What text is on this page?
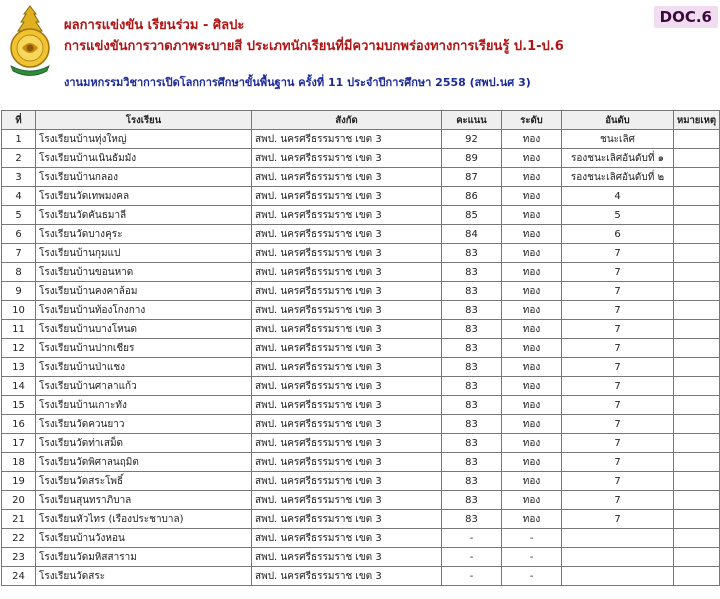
ผลการแข่งขัน เรียนร่วม - ศิลปะ
การแข่งขันการวาดภาพระบายสี ประเภทนักเรียนที่มีความบกพร่องทางการเรียนรู้ ป.1-ป.6
งานมหกรรมวิชาการเปิดโลกการศึกษาขั้นพื้นฐาน ครั้งที่ 11 ประจำปีการศึกษา 2558 (สพป.นศ 3)
DOC.6
ที่	โรงเรียน	สังกัด	คะแนน	ระดับ	อันดับ	หมายเหตุ
1	โรงเรียนบ้านทุ่งใหญ่	สพป. นครศรีธรรมราช เขต 3	92	ทอง	ชนะเลิศ	
2	โรงเรียนบ้านเนินธัมมัง	สพป. นครศรีธรรมราช เขต 3	89	ทอง	รองชนะเลิศอันดับที่ ๑	
3	โรงเรียนบ้านกลอง	สพป. นครศรีธรรมราช เขต 3	87	ทอง	รองชนะเลิศอันดับที่ ๒	
4	โรงเรียนวัดเทพมงคล	สพป. นครศรีธรรมราช เขต 3	86	ทอง	4	
5	โรงเรียนวัดคันธมาลี	สพป. นครศรีธรรมราช เขต 3	85	ทอง	5	
6	โรงเรียนวัดบางคุระ	สพป. นครศรีธรรมราช เขต 3	84	ทอง	6	
7	โรงเรียนบ้านกุมแป	สพป. นครศรีธรรมราช เขต 3	83	ทอง	7	
8	โรงเรียนบ้านขอนหาด	สพป. นครศรีธรรมราช เขต 3	83	ทอง	7	
9	โรงเรียนบ้านคงคาล้อม	สพป. นครศรีธรรมราช เขต 3	83	ทอง	7	
10	โรงเรียนบ้านท้องโกงกาง	สพป. นครศรีธรรมราช เขต 3	83	ทอง	7	
11	โรงเรียนบ้านบางโหนด	สพป. นครศรีธรรมราช เขต 3	83	ทอง	7	
12	โรงเรียนบ้านปากเชียร	สพป. นครศรีธรรมราช เขต 3	83	ทอง	7	
13	โรงเรียนบ้านป่าแชง	สพป. นครศรีธรรมราช เขต 3	83	ทอง	7	
14	โรงเรียนบ้านศาลาแก้ว	สพป. นครศรีธรรมราช เขต 3	83	ทอง	7	
15	โรงเรียนบ้านเกาะทัง	สพป. นครศรีธรรมราช เขต 3	83	ทอง	7	
16	โรงเรียนวัดควนยาว	สพป. นครศรีธรรมราช เขต 3	83	ทอง	7	
17	โรงเรียนวัดท่าเสม็ด	สพป. นครศรีธรรมราช เขต 3	83	ทอง	7	
18	โรงเรียนวัดพิศาลนฤมิต	สพป. นครศรีธรรมราช เขต 3	83	ทอง	7	
19	โรงเรียนวัดสระโพธิ์	สพป. นครศรีธรรมราช เขต 3	83	ทอง	7	
20	โรงเรียนสุนทราภิบาล	สพป. นครศรีธรรมราช เขต 3	83	ทอง	7	
21	โรงเรียนหัวไทร (เรืองประชาบาล)	สพป. นครศรีธรรมราช เขต 3	83	ทอง	7	
22	โรงเรียนบ้านวังหอน	สพป. นครศรีธรรมราช เขต 3	-	-		
23	โรงเรียนวัดมหิสสาราม	สพป. นครศรีธรรมราช เขต 3	-	-		
24	โรงเรียนวัดสระ	สพป. นครศรีธรรมราช เขต 3	-	-		
